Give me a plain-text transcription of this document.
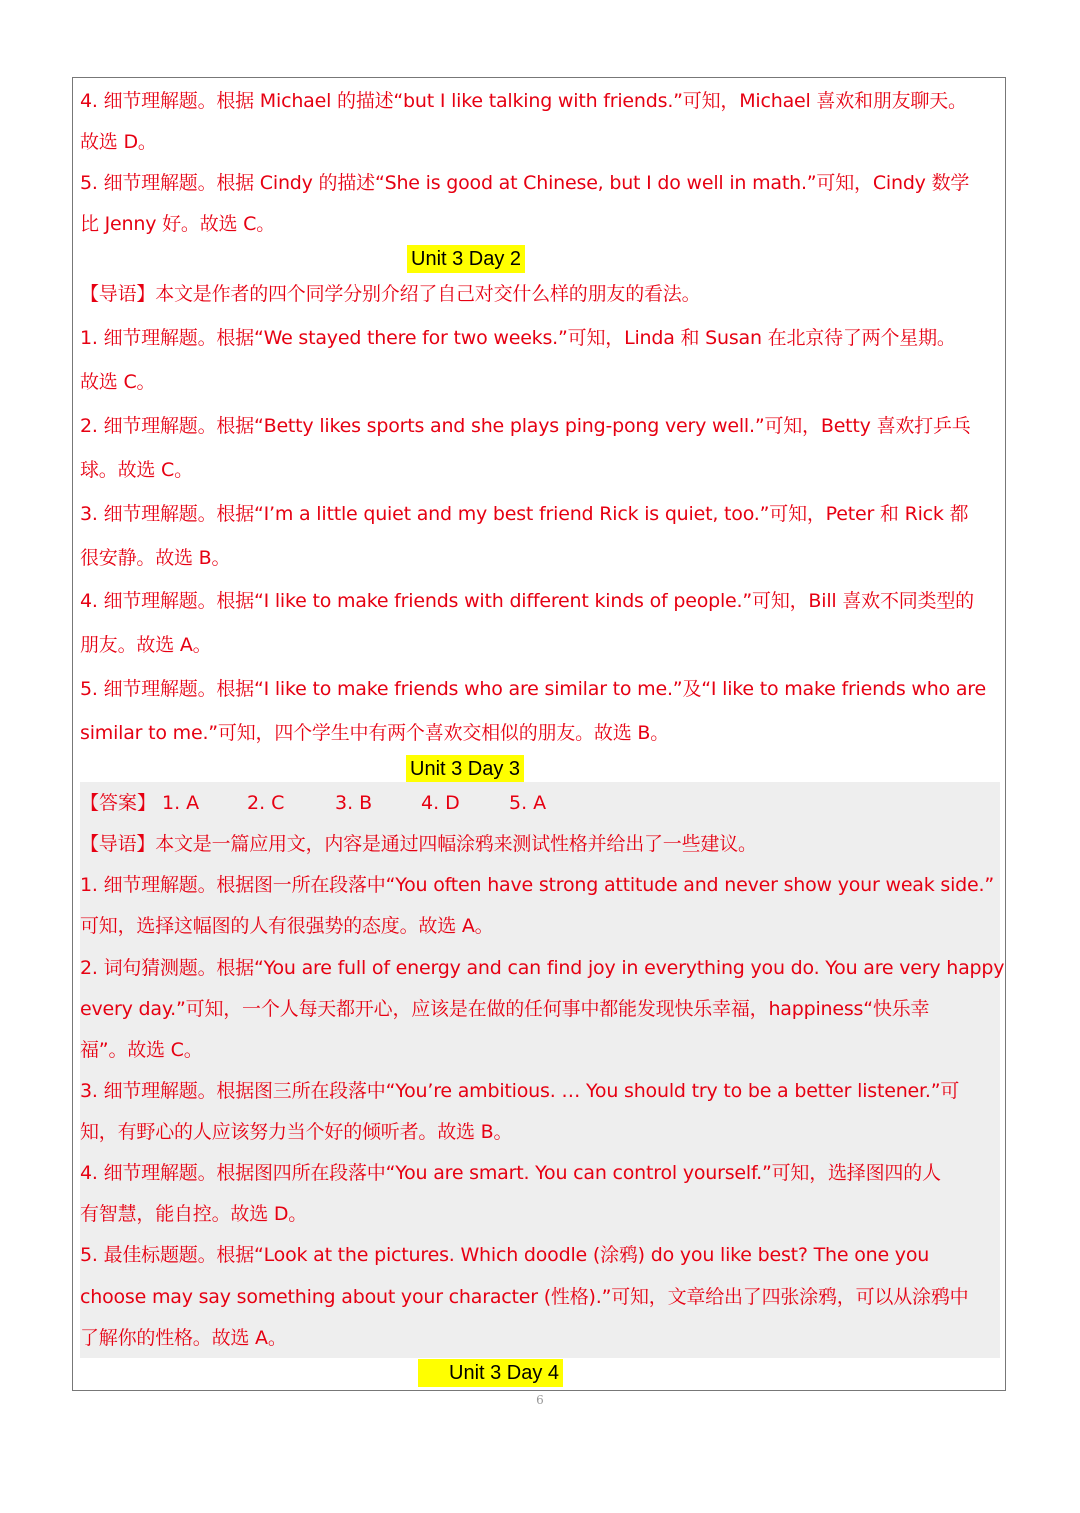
4. 细节理解题。根据 Michael 的描述“but I like talking with friends.”可知，Michael 喜欢和朋友聊天。
故选 D。
5. 细节理解题。根据 Cindy 的描述“She is good at Chinese, but I do well in math.”可知，Cindy 数学
比 Jenny 好。故选 C。
Unit 3 Day 2
【导语】本文是作者的四个同学分别介绍了自己对交什么样的朋友的看法。
1. 细节理解题。根据“We stayed there for two weeks.”可知，Linda 和 Susan 在北京待了两个星期。
故选 C。
2. 细节理解题。根据“Betty likes sports and she plays ping-pong very well.”可知，Betty 喜欢打乒乓
球。故选 C。
3. 细节理解题。根据“I’m a little quiet and my best friend Rick is quiet, too.”可知，Peter 和 Rick 都
很安静。故选 B。
4. 细节理解题。根据“I like to make friends with different kinds of people.”可知，Bill 喜欢不同类型的
朋友。故选 A。
5. 细节理解题。根据“I like to make friends who are similar to me.”及“I like to make friends who are
similar to me.”可知，四个学生中有两个喜欢交相似的朋友。故选 B。
Unit 3 Day 3
【答案】 1. A	2. C	3. B	4. D	5. A
【导语】本文是一篇应用文，内容是通过四幅涂鸦来测试性格并给出了一些建议。
1. 细节理解题。根据图一所在段落中“You often have strong attitude and never show your weak side.”
可知，选择这幅图的人有很强势的态度。故选 A。
2. 词句猜测题。根据“You are full of energy and can find joy in everything you do. You are very happy
every day.”可知，一个人每天都开心，应该是在做的任何事中都能发现快乐幸福，happiness“快乐幸
福”。故选 C。
3. 细节理解题。根据图三所在段落中“You’re ambitious. … You should try to be a better listener.”可
知，有野心的人应该努力当个好的倾听者。故选 B。
4. 细节理解题。根据图四所在段落中“You are smart. You can control yourself.”可知，选择图四的人
有智慧，能自控。故选 D。
5. 最佳标题题。根据“Look at the pictures. Which doodle (涂鸦) do you like best? The one you
choose may say something about your character (性格).”可知，文章给出了四张涂鸦，可以从涂鸦中
了解你的性格。故选 A。
Unit 3 Day 4
6
